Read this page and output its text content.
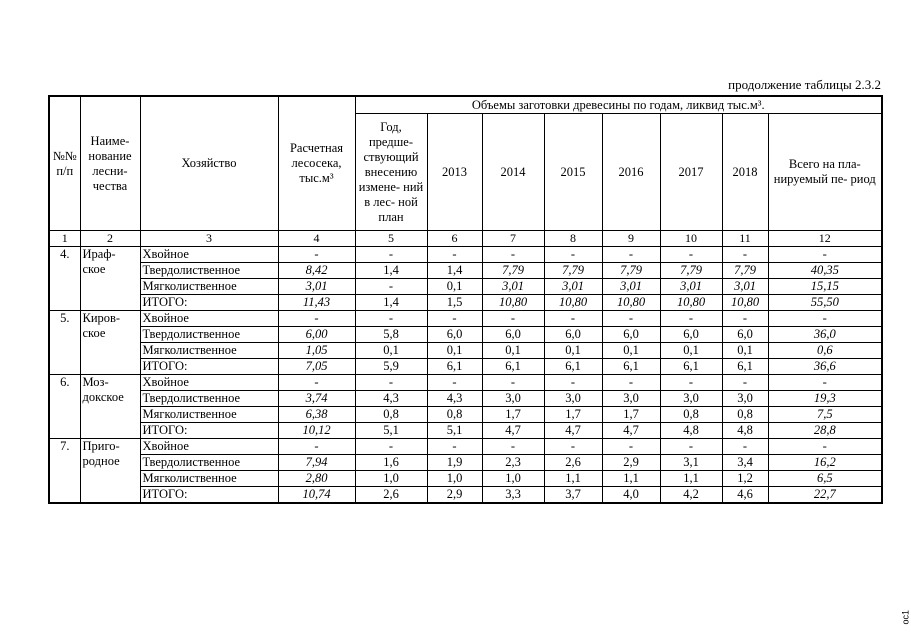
продолжение таблицы 2.3.2
№№ п/п	Наиме- нование лесни- чества	Хозяйство	Расчетная лесосека, тыс.м³	Объемы заготовки древесины по годам, ликвид тыс.м³.							
				Год, предше- ствующий внесению измене- ний в лес- ной план	2013	2014	2015	2016	2017	2018	Всего на пла- нируемый пе- риод
1	2	3	4	5	6	7	8	9	10	11	12
4.	Ираф- ское	Хвойное	-	-	-	-	-	-	-	-	-
		Твердолиственное	8,42	1,4	1,4	7,79	7,79	7,79	7,79	7,79	40,35
		Мягколиственное	3,01	-	0,1	3,01	3,01	3,01	3,01	3,01	15,15
		ИТОГО:	11,43	1,4	1,5	10,80	10,80	10,80	10,80	10,80	55,50
5.	Киров- ское	Хвойное	-	-	-	-	-	-	-	-	-
		Твердолиственное	6,00	5,8	6,0	6,0	6,0	6,0	6,0	6,0	36,0
		Мягколиственное	1,05	0,1	0,1	0,1	0,1	0,1	0,1	0,1	0,6
		ИТОГО:	7,05	5,9	6,1	6,1	6,1	6,1	6,1	6,1	36,6
6.	Моз- докское	Хвойное	-	-	-	-	-	-	-	-	-
		Твердолиственное	3,74	4,3	4,3	3,0	3,0	3,0	3,0	3,0	19,3
		Мягколиственное	6,38	0,8	0,8	1,7	1,7	1,7	0,8	0,8	7,5
		ИТОГО:	10,12	5,1	5,1	4,7	4,7	4,7	4,8	4,8	28,8
7.	Приго- родное	Хвойное	-	-	-	-	-	-	-	-	-
		Твердолиственное	7,94	1,6	1,9	2,3	2,6	2,9	3,1	3,4	16,2
		Мягколиственное	2,80	1,0	1,0	1,0	1,1	1,1	1,1	1,2	6,5
		ИТОГО:	10,74	2,6	2,9	3,3	3,7	4,0	4,2	4,6	22,7
oc1
